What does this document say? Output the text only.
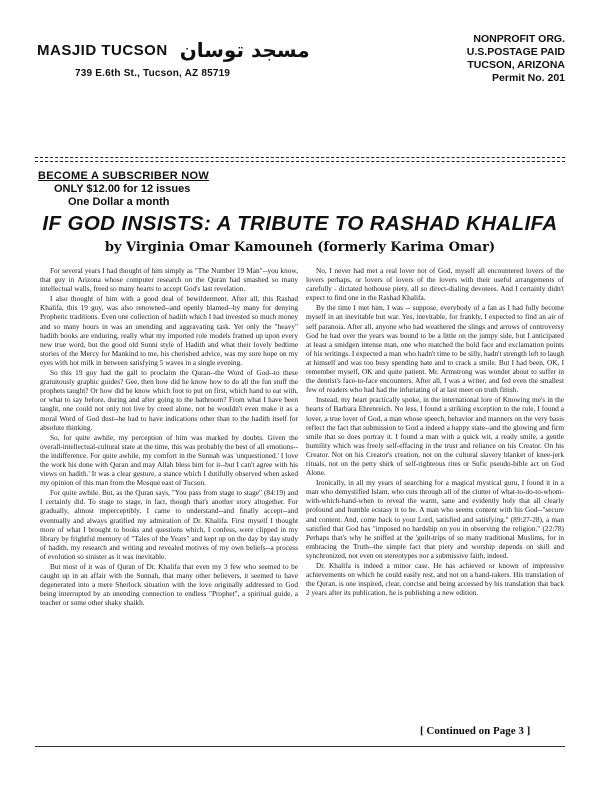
MASJID TUCSON مسجد توسان
739 E.6th St., Tucson, AZ 85719
NONPROFIT ORG.
U.S.POSTAGE PAID
TUCSON, ARIZONA
Permit No. 201
BECOME A SUBSCRIBER NOW
ONLY $12.00 for 12 issues
One Dollar a month
IF GOD INSISTS: A TRIBUTE TO RASHAD KHALIFA
by Virginia Omar Kamouneh (formerly Karima Omar)

For several years I had thought of him simply as "The Number 19 Man"--you know, that guy in Arizona whose computer research on the Quran had smashed so many intellectual walls, freed so many hearts to accept God's last revelation.

I also thought of him with a good deal of bewilderment. After all, this Rashad Khalifa, this 19 guy, was also renowned--and openly blamed--by many for denying Prophetic traditions. Even one collection of hadith which I had invested so much money and so many hours in was an unending and aggravating task. Yet only the "heavy" hadith books are enduring, really what my imported role models framed up upon every new true word, but the good old Sunni style of Hadith and what their lovely bedtime stories of the Mercy for Mankind to me, his cherished advice, was my sure hope on my eyes with hot milk in between satisfying 5 waves in a single evening.

So this 19 guy had the gall to proclaim the Quran--the Word of God--to these gratuitously graphic guides? Gee, then how did he know how to do all the fun stuff the prophets taught? Or how did he know which foot to put on first, which hand to eat with, or what to say before, during and after going to the bathroom? From what I have been taught, one could not only not live by creed alone, not be wouldn't even make it as a moral Word of God dust--he had to have indications other than to the hadith itself for absolute thinking.

So, for quite awhile, my perception of him was marked by doubts. Given the overall-intellectual-cultural state at the time, this was probably the best of all emotions--the indifference. For quite awhile, my comfort in the Sunnah was 'unquestioned.' I love the work his done with Quran and may Allah bless him for it--but I can't agree with his views on hadith.' It was a clear gesture, a stance which I dutifully observed when asked my opinion of this man from the Mosque east of Tucson.

For quite awhile. But, as the Quran says, "You pass from stage to stage" (84:19) and I certainly did. To stage to stage, in fact, though that's another story altogether. For gradually, almost imperceptibly, I came to understand--and finally accept--and eventually and always gratified my admiration of Dr. Khalifa. First myself I thought more of what I brought to books and questions which, I confess, were clipped in my library by frightful memory of "Tales of the Years" and kept up on the day by day study of hadith, my research and writing and revealed motives of my own beliefs--a process of evolution so sinister as it was inevitable.

But most of it was of Quran of Dr. Khalifa that even my 3 few who seemed to be caught up in an affair with the Sunnah, that many other believers, it seemed to have degenerated into a mere Sherlock situation with the love originally addressed to God being interrupted by an unending connection to endless "Prophet", a spiritual guide, a teacher or some other shaky shaikh.

No, I never had met a real lover not of God, myself all encountered lovers of the lovers perhaps, or lovers of lovers of the lovers with their useful arrangements of carefully - dictated hothouse piety, all so direct-dialing devotees. And I certainly didn't expect to find one in the Rashad Khalifa.

By the time I met him, I was -- suppose, everybody of a fan as I had fully become myself in an inevitable but war. Yes, inevitable, for frankly, I expected to find an air of self paranoia. After all, anyone who had weathered the slings and arrows of controversy God he had over the years was bound to be a little on the jumpy side, but I anticipated at least a smidgen intense man, one who matched the bold face and exclamation points of his writings. I expected a man who hadn't time to be silly, hadn't strength left to laugh at himself and was too busy spending hate and to crack a smile. But I had been, OK, I remember myself, OK and quite patient. Mr. Armstrong was wonder about to suffer in the dentist's face-to-face encounters. After all, I was a writer, and fed even the smallest few of readers who had had the infuriating of at last meet on truth finish.

Instead, my heart practically spoke, in the international lore of Knowing me's in the hearts of Barbara Ehrenreich. No less, I found a striking exception to the rule, I found a lover, a true lover of God, a man whose speech, behavior and manners on the very basis reflect the fact that submission to God a indeed a happy state--and the glowing and firm smile that so does portray it. I found a man with a quick wit, a ready smile, a gentle humility which was freely self-effacing in the trust and reliance on his Creator. On his Creator. Not on his Creator's creation, not on the cultural slavery blanket of knee-jerk rituals, not on the petty shirk of self-righteous rites or Sufic pseudo-bible act on God Alone.

Ironically, in all my years of searching for a magical mystical guru, I found it in a man who demystified Islam, who cuts through all of the clutter of what-to-do-to-whom-with-which-hand-when to reveal the warm, sane and evidently holy that all clearly profound and humble ecstasy it to be. A man who seems content with his God--"secure and content. And, come back to your Lord, satisfied and satisfying." (89:27-28), a man satisfied that God has "imposed no hardship on you in observing the religion." (22:78) Perhaps that's why he sniffed at the 'guilt-trips of so many traditional Muslims, for in embracing the Truth--the simple fact that piety and worship depends on skill and synchronized, not even on stereotypes nor a submissive faith, indeed.

Dr. Khalifa is indeed a minor case. He has achieved or known of impressive achievements on which he could easily rest, and not on a hand-rakers. His translation of the Quran, is one inspired, clear, concise and being accessed by his translation that back 2 years after its publication, he is publishing a new edition.

[ Continued on Page 3 ]
